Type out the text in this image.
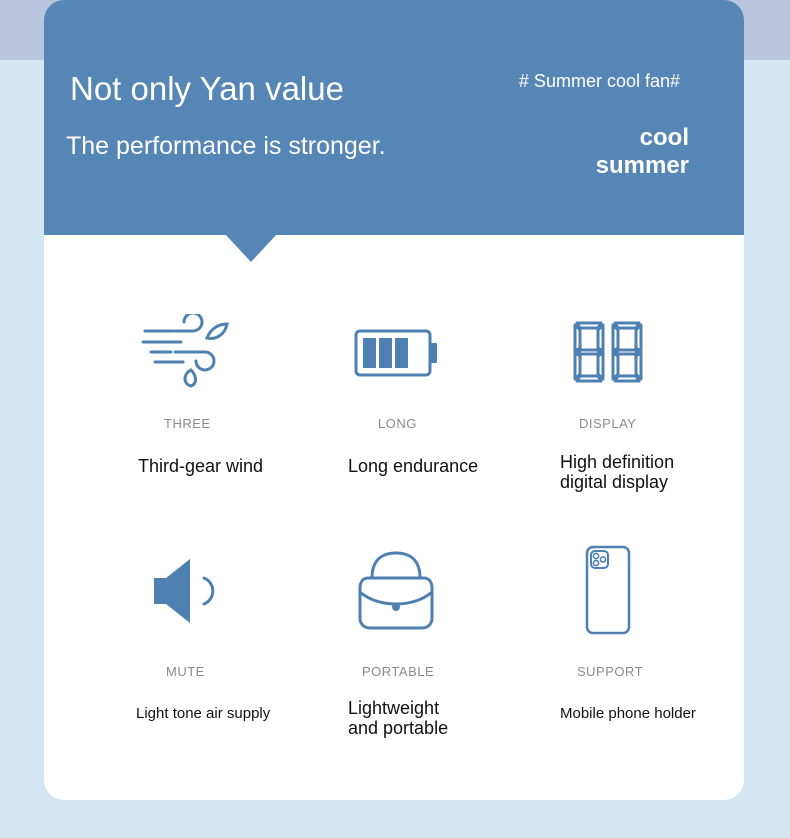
Not only Yan value
The performance is stronger.
# Summer cool fan#
cool
summer
THREE
Third-gear wind
LONG
Long endurance
DISPLAY
High definition
digital display
MUTE
Light tone air supply
PORTABLE
Lightweight
and portable
SUPPORT
Mobile phone holder
